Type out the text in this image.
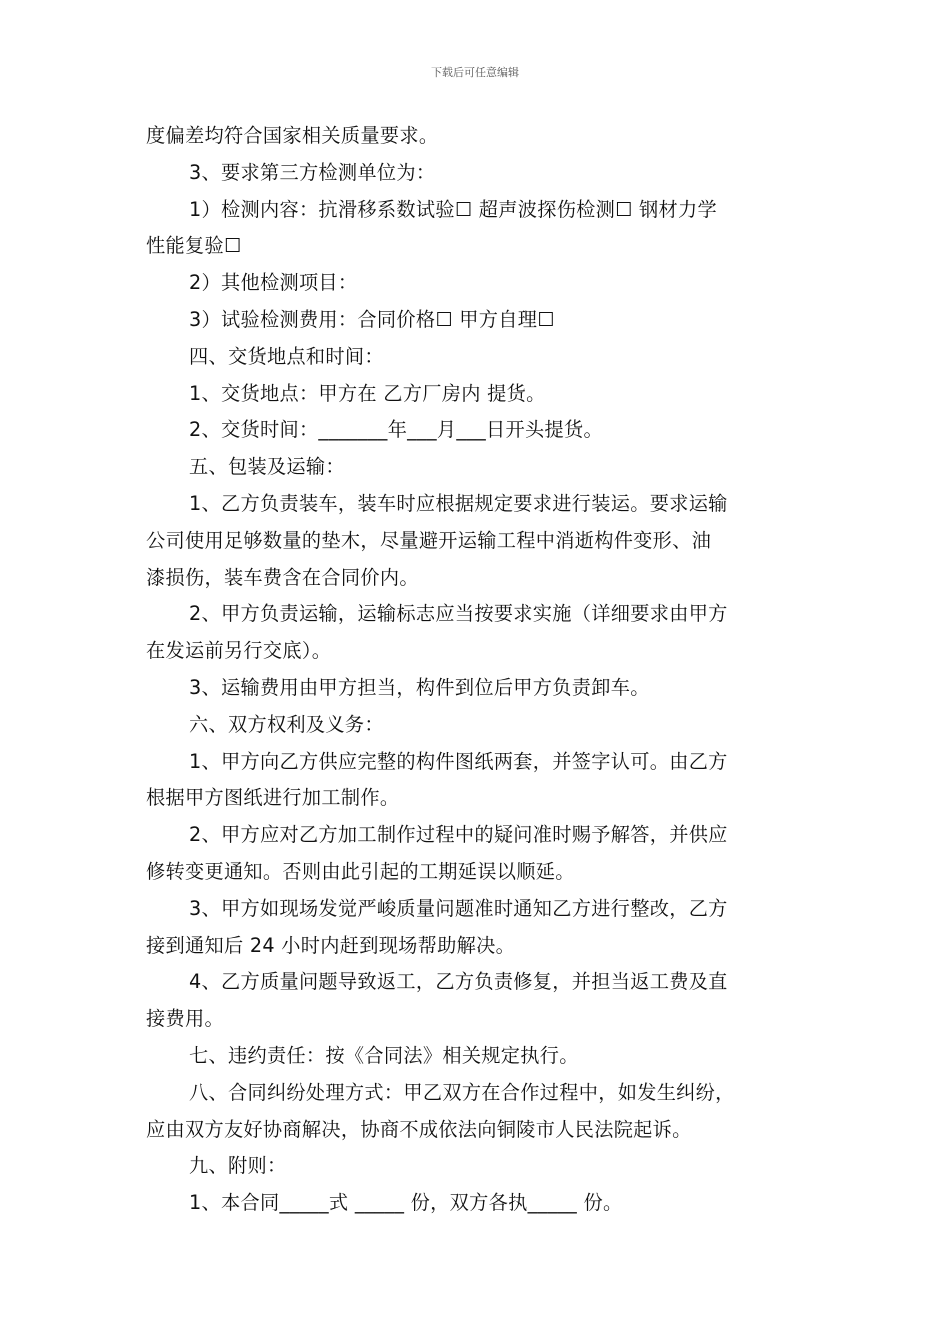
下载后可任意编辑
度偏差均符合国家相关质量要求。
3、要求第三方检测单位为：
1）检测内容：抗滑移系数试验☐ 超声波探伤检测☐ 钢材力学
性能复验☐
2）其他检测项目：
3）试验检测费用：合同价格☐ 甲方自理☐
四、交货地点和时间：
1、交货地点：甲方在 乙方厂房内 提货。
2、交货时间：_______年___月___日开头提货。
五、包装及运输：
1、乙方负责装车，装车时应根据规定要求进行装运。要求运输
公司使用足够数量的垫木，尽量避开运输工程中消逝构件变形、油
漆损伤，装车费含在合同价内。
2、甲方负责运输，运输标志应当按要求实施（详细要求由甲方
在发运前另行交底）。
3、运输费用由甲方担当，构件到位后甲方负责卸车。
六、双方权利及义务：
1、甲方向乙方供应完整的构件图纸两套，并签字认可。由乙方
根据甲方图纸进行加工制作。
2、甲方应对乙方加工制作过程中的疑问准时赐予解答，并供应
修转变更通知。否则由此引起的工期延误以顺延。
3、甲方如现场发觉严峻质量问题准时通知乙方进行整改，乙方
接到通知后 24 小时内赶到现场帮助解决。
4、乙方质量问题导致返工，乙方负责修复，并担当返工费及直
接费用。
七、违约责任：按《合同法》相关规定执行。
八、合同纠纷处理方式：甲乙双方在合作过程中，如发生纠纷，
应由双方友好协商解决，协商不成依法向铜陵市人民法院起诉。
九、附则：
1、本合同_____式 _____ 份，双方各执_____ 份。
